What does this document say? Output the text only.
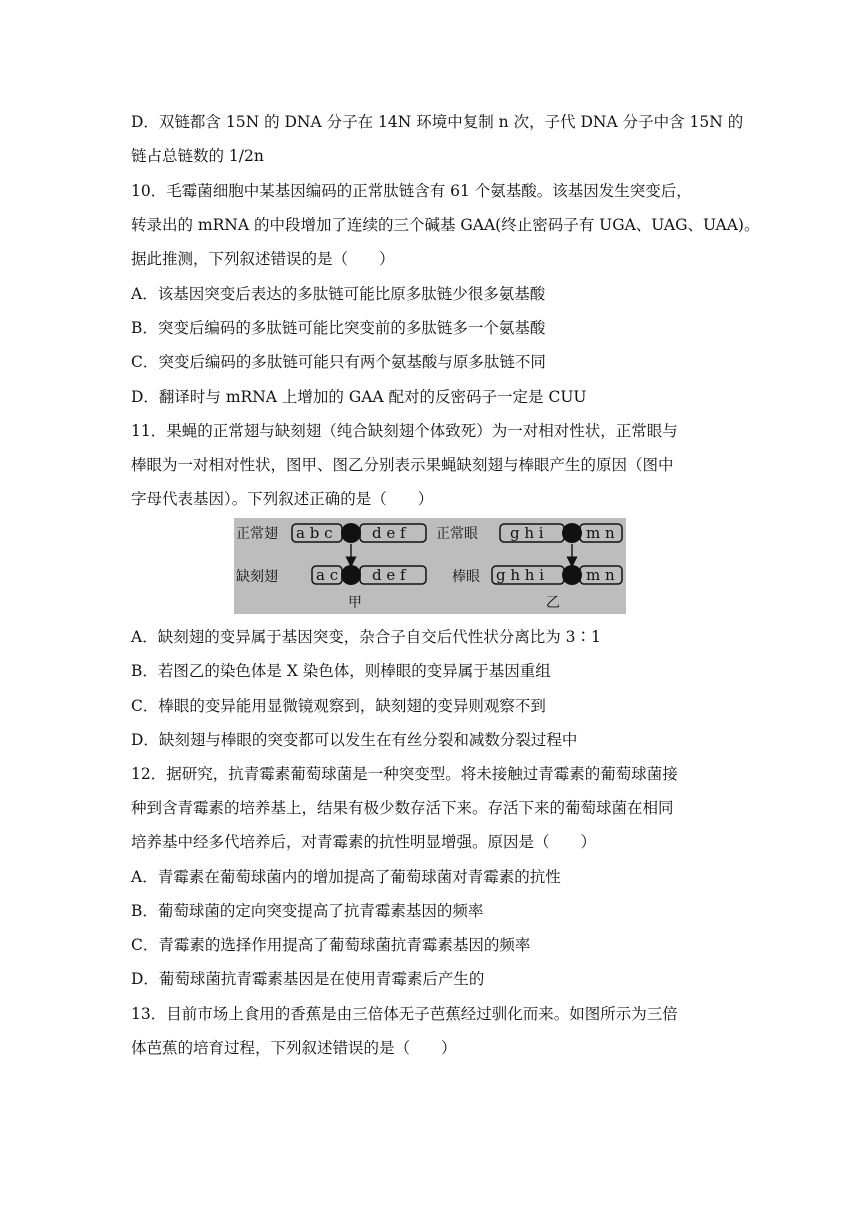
D．双链都含 15N 的 DNA 分子在 14N 环境中复制 n 次，子代 DNA 分子中含 15N 的
链占总链数的 1/2n
10．毛霉菌细胞中某基因编码的正常肽链含有 61 个氨基酸。该基因发生突变后，
转录出的 mRNA 的中段增加了连续的三个碱基 GAA(终止密码子有 UGA、UAG、UAA)。
据此推测，下列叙述错误的是（　　）
A．该基因突变后表达的多肽链可能比原多肽链少很多氨基酸
B．突变后编码的多肽链可能比突变前的多肽链多一个氨基酸
C．突变后编码的多肽链可能只有两个氨基酸与原多肽链不同
D．翻译时与 mRNA 上增加的 GAA 配对的反密码子一定是 CUU
11．果蝇的正常翅与缺刻翅（纯合缺刻翅个体致死）为一对相对性状，正常眼与
棒眼为一对相对性状，图甲、图乙分别表示果蝇缺刻翅与棒眼产生的原因（图中
字母代表基因）。下列叙述正确的是（　　）
正常翅 a b c	d e f
缺刻翅	a c d e f
甲
正常眼 g h i	m n
棒眼 g h h i	m n
乙
A．缺刻翅的变异属于基因突变，杂合子自交后代性状分离比为 3∶1
B．若图乙的染色体是 X 染色体，则棒眼的变异属于基因重组
C．棒眼的变异能用显微镜观察到，缺刻翅的变异则观察不到
D．缺刻翅与棒眼的突变都可以发生在有丝分裂和减数分裂过程中
12．据研究，抗青霉素葡萄球菌是一种突变型。将未接触过青霉素的葡萄球菌接
种到含青霉素的培养基上，结果有极少数存活下来。存活下来的葡萄球菌在相同
培养基中经多代培养后，对青霉素的抗性明显增强。原因是（　　）
A．青霉素在葡萄球菌内的增加提高了葡萄球菌对青霉素的抗性
B．葡萄球菌的定向突变提高了抗青霉素基因的频率
C．青霉素的选择作用提高了葡萄球菌抗青霉素基因的频率
D．葡萄球菌抗青霉素基因是在使用青霉素后产生的
13．目前市场上食用的香蕉是由三倍体无子芭蕉经过驯化而来。如图所示为三倍
体芭蕉的培育过程，下列叙述错误的是（　　）
